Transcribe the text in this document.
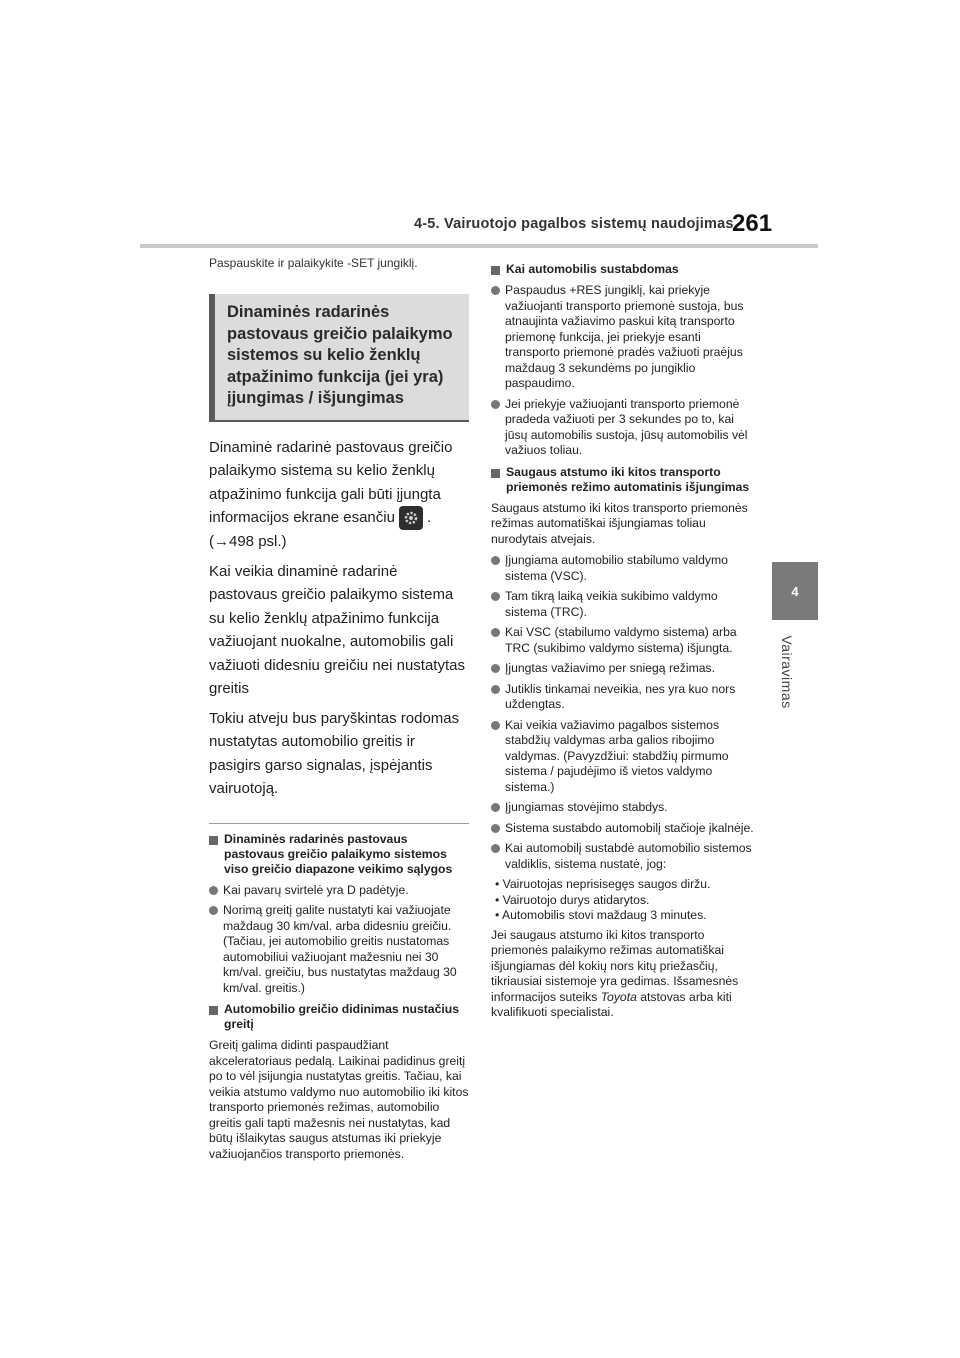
4-5. Vairuotojo pagalbos sistemų naudojimas
261
4
Vairavimas

Paspauskite ir palaikykite -SET jungiklį.

Dinaminės radarinės
pastovaus greičio palaikymo
sistemos su kelio ženklų
atpažinimo funkcija (jei yra)
įjungimas / išjungimas

Dinaminė radarinė pastovaus greičio palaikymo sistema su kelio ženklų atpažinimo funkcija gali būti įjungta informacijos ekrane esančiu . (→498 psl.)

Kai veikia dinaminė radarinė pastovaus greičio palaikymo sistema su kelio ženklų atpažinimo funkcija važiuojant nuokalne, automobilis gali važiuoti didesniu greičiu nei nustatytas greitis

Tokiu atveju bus paryškintas rodomas nustatytas automobilio greitis ir pasigirs garso signalas, įspėjantis vairuotoją.

Dinaminės radarinės pastovaus pastovaus greičio palaikymo sistemos viso greičio diapazone veikimo sąlygos
Kai pavarų svirtelė yra D padėtyje.
Norimą greitį galite nustatyti kai važiuojate maždaug 30 km/val. arba didesniu greičiu. (Tačiau, jei automobilio greitis nustatomas automobiliui važiuojant mažesniu nei 30 km/val. greičiu, bus nustatytas maždaug 30 km/val. greitis.)
Automobilio greičio didinimas nustačius greitį

Greitį galima didinti paspaudžiant akceleratoriaus pedalą. Laikinai padidinus greitį po to vėl įsijungia nustatytas greitis. Tačiau, kai veikia atstumo valdymo nuo automobilio iki kitos transporto priemonės režimas, automobilio greitis gali tapti mažesnis nei nustatytas, kad būtų išlaikytas saugus atstumas iki priekyje važiuojančios transporto priemonės.

Kai automobilis sustabdomas
Paspaudus +RES jungiklį, kai priekyje važiuojanti transporto priemonė sustoja, bus atnaujinta važiavimo paskui kitą transporto priemonę funkcija, jei priekyje esanti transporto priemonė pradės važiuoti praėjus maždaug 3 sekundėms po jungiklio paspaudimo.
Jei priekyje važiuojanti transporto priemonė pradeda važiuoti per 3 sekundes po to, kai jūsų automobilis sustoja, jūsų automobilis vėl važiuos toliau.
Saugaus atstumo iki kitos transporto priemonės režimo automatinis išjungimas

Saugaus atstumo iki kitos transporto priemonės režimas automatiškai išjungiamas toliau nurodytais atvejais.

Įjungiama automobilio stabilumo valdymo sistema (VSC).
Tam tikrą laiką veikia sukibimo valdymo sistema (TRC).
Kai VSC (stabilumo valdymo sistema) arba TRC (sukibimo valdymo sistema) išjungta.
Įjungtas važiavimo per sniegą režimas.
Jutiklis tinkamai neveikia, nes yra kuo nors uždengtas.
Kai veikia važiavimo pagalbos sistemos stabdžių valdymas arba galios ribojimo valdymas. (Pavyzdžiui: stabdžių pirmumo sistema / pajudėjimo iš vietos valdymo sistema.)
Įjungiamas stovėjimo stabdys.
Sistema sustabdo automobilį stačioje įkalnėje.
Kai automobilį sustabdė automobilio sistemos valdiklis, sistema nustatė, jog:

• Vairuotojas neprisisegęs saugos diržu.

• Vairuotojo durys atidarytos.

• Automobilis stovi maždaug 3 minutes.

Jei saugaus atstumo iki kitos transporto priemonės palaikymo režimas automatiškai išjungiamas dėl kokių nors kitų priežasčių, tikriausiai sistemoje yra gedimas. Išsamesnės informacijos suteiks Toyota atstovas arba kiti kvalifikuoti specialistai.
